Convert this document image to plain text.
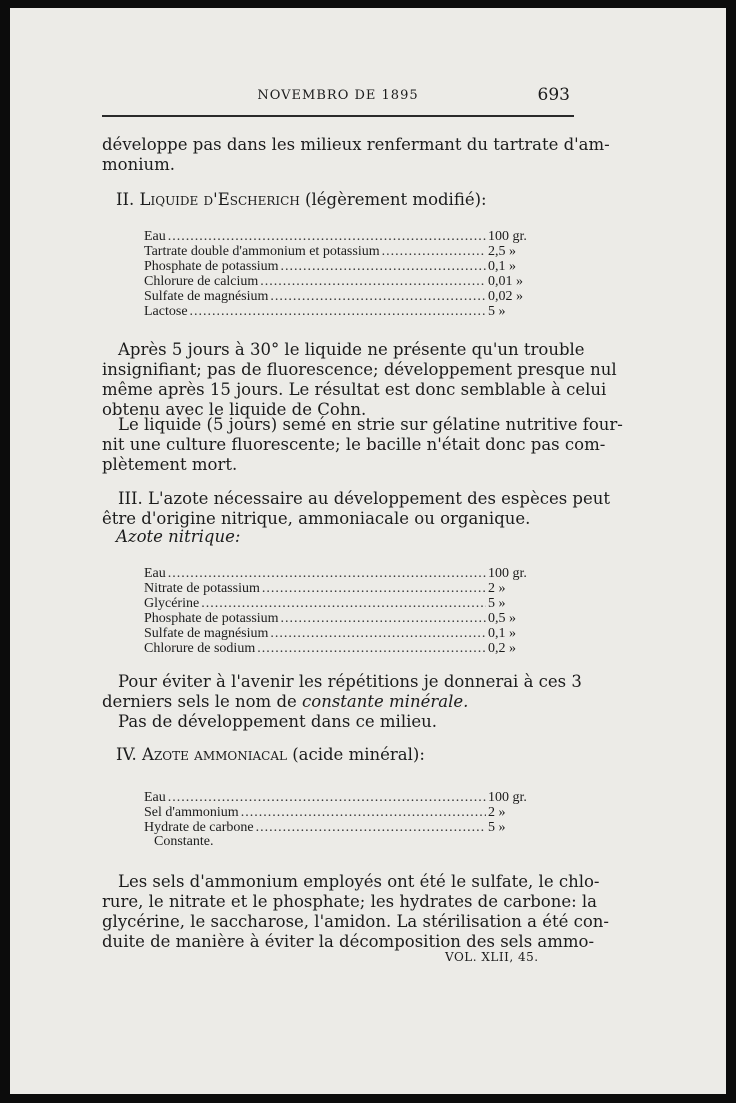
NOVEMBRO DE 1895	693
développe pas dans les milieux renfermant du tartrate d'am-
monium.
II. Liquide d'Escherich (légèrement modifié):
Eau .....	100 gr.
Tartrate double d'ammonium et potassium .....	2,5 »
Phosphate de potassium .....	0,1 »
Chlorure de calcium .....	0,01 »
Sulfate de magnésium .....	0,02 »
Lactose .....	5 »
Après 5 jours à 30° le liquide ne présente qu'un trouble
insignifiant; pas de fluorescence; développement presque nul
même après 15 jours. Le résultat est donc semblable à celui
obtenu avec le liquide de Cohn.
Le liquide (5 jours) semé en strie sur gélatine nutritive four-
nit une culture fluorescente; le bacille n'était donc pas com-
plètement mort.
III. L'azote nécessaire au développement des espèces peut
être d'origine nitrique, ammoniacale ou organique.
Azote nitrique:
Eau .....	100 gr.
Nitrate de potassium .....	2 »
Glycérine .....	5 »
Phosphate de potassium .....	0,5 »
Sulfate de magnésium .....	0,1 »
Chlorure de sodium .....	0,2 »
Pour éviter à l'avenir les répétitions je donnerai à ces 3
derniers sels le nom de constante minérale.
Pas de développement dans ce milieu.
IV. Azote ammoniacal (acide minéral):
Eau .....	100 gr.
Sel d'ammonium .....	2 »
Hydrate de carbone .....	5 »
Constante.
Les sels d'ammonium employés ont été le sulfate, le chlo-
rure, le nitrate et le phosphate; les hydrates de carbone: la
glycérine, le saccharose, l'amidon. La stérilisation a été con-
duite de manière à éviter la décomposition des sels ammo-
VOL. XLII, 45.
